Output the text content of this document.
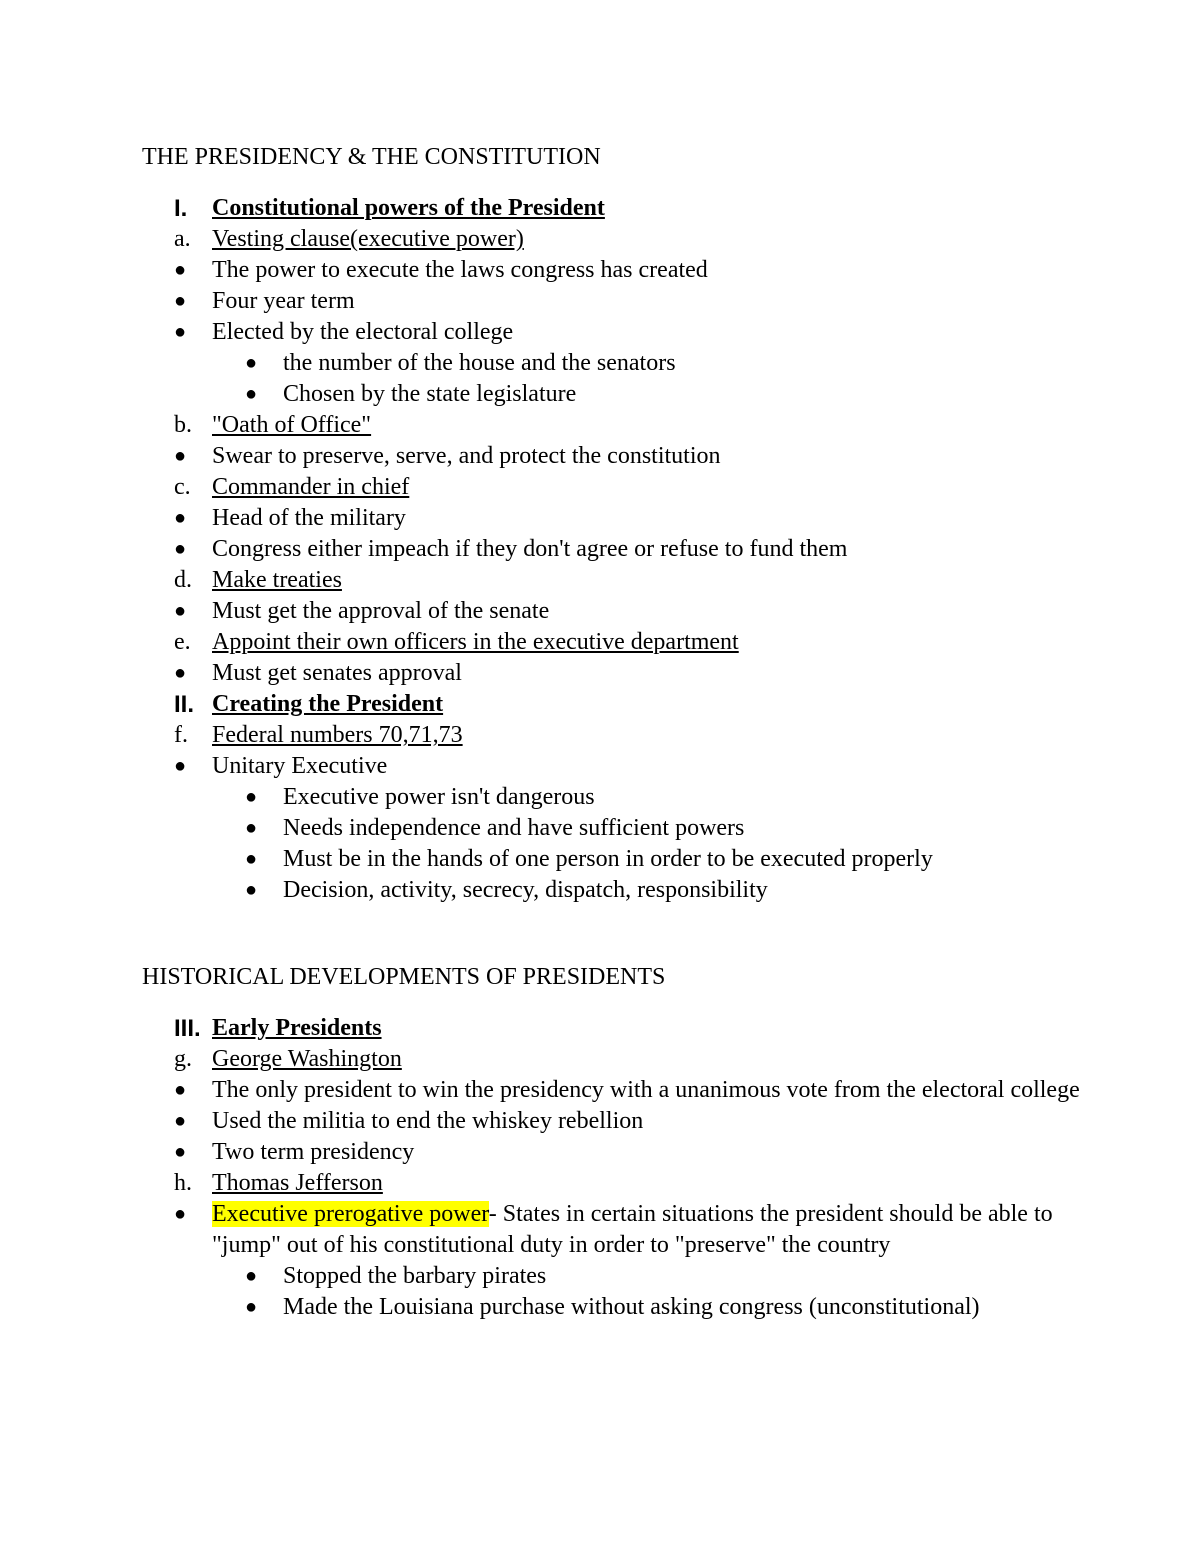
THE PRESIDENCY & THE CONSTITUTION

I.	Constitutional powers of the President
a. Vesting clause(executive power)
●	The power to execute the laws congress has created
●	Four year term
●	Elected by the electoral college
●	the number of the house and the senators
●	Chosen by the state legislature
b. "Oath of Office"
●	Swear to preserve, serve, and protect the constitution
c. Commander in chief
●	Head of the military
●	Congress either impeach if they don't agree or refuse to fund them
d. Make treaties
●	Must get the approval of the senate
e. Appoint their own officers in the executive department
●	Must get senates approval
II. Creating the President
f.	Federal numbers 70,71,73
●	Unitary Executive
●	Executive power isn't dangerous
●	Needs independence and have sufficient powers
●	Must be in the hands of one person in order to be executed properly
●	Decision, activity, secrecy, dispatch, responsibility

HISTORICAL DEVELOPMENTS OF PRESIDENTS

III. Early Presidents
g. George Washington
●	The only president to win the presidency with a unanimous vote from the electoral college
●	Used the militia to end the whiskey rebellion
●	Two term presidency
h. Thomas Jefferson
●	Executive prerogative power- States in certain situations the president should be able to "jump" out of his constitutional duty in order to "preserve" the country
●	Stopped the barbary pirates
●	Made the Louisiana purchase without asking congress (unconstitutional)
